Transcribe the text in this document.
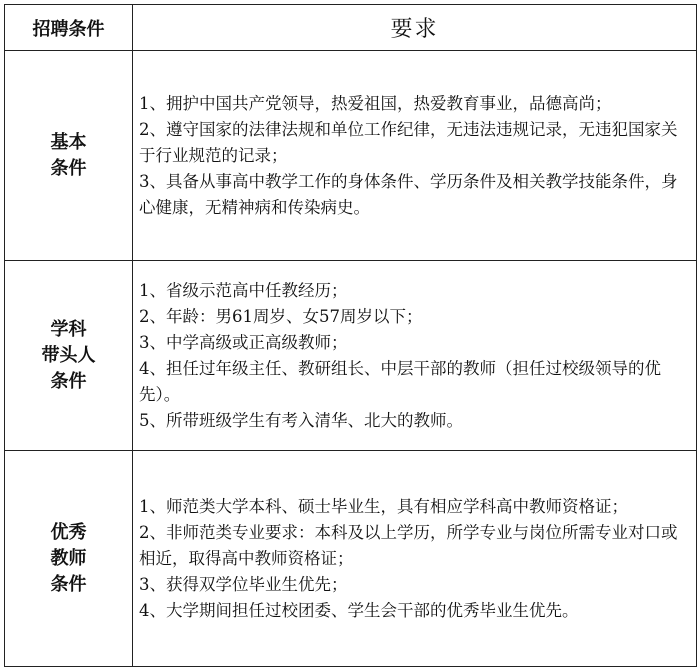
招聘条件	要求

基本
条件	1、拥护中国共产党领导，热爱祖国，热爱教育事业，品德高尚；
2、遵守国家的法律法规和单位工作纪律，无违法违规记录，无违犯国家关于行业规范的记录；
3、具备从事高中教学工作的身体条件、学历条件及相关教学技能条件，身心健康，无精神病和传染病史。

学科
带头人
条件	1、省级示范高中任教经历；
2、年龄：男61周岁、女57周岁以下；
3、中学高级或正高级教师；
4、担任过年级主任、教研组长、中层干部的教师（担任过校级领导的优先）。
5、所带班级学生有考入清华、北大的教师。

优秀
教师
条件	1、师范类大学本科、硕士毕业生，具有相应学科高中教师资格证；
2、非师范类专业要求：本科及以上学历，所学专业与岗位所需专业对口或相近，取得高中教师资格证；
3、获得双学位毕业生优先；
4、大学期间担任过校团委、学生会干部的优秀毕业生优先。
